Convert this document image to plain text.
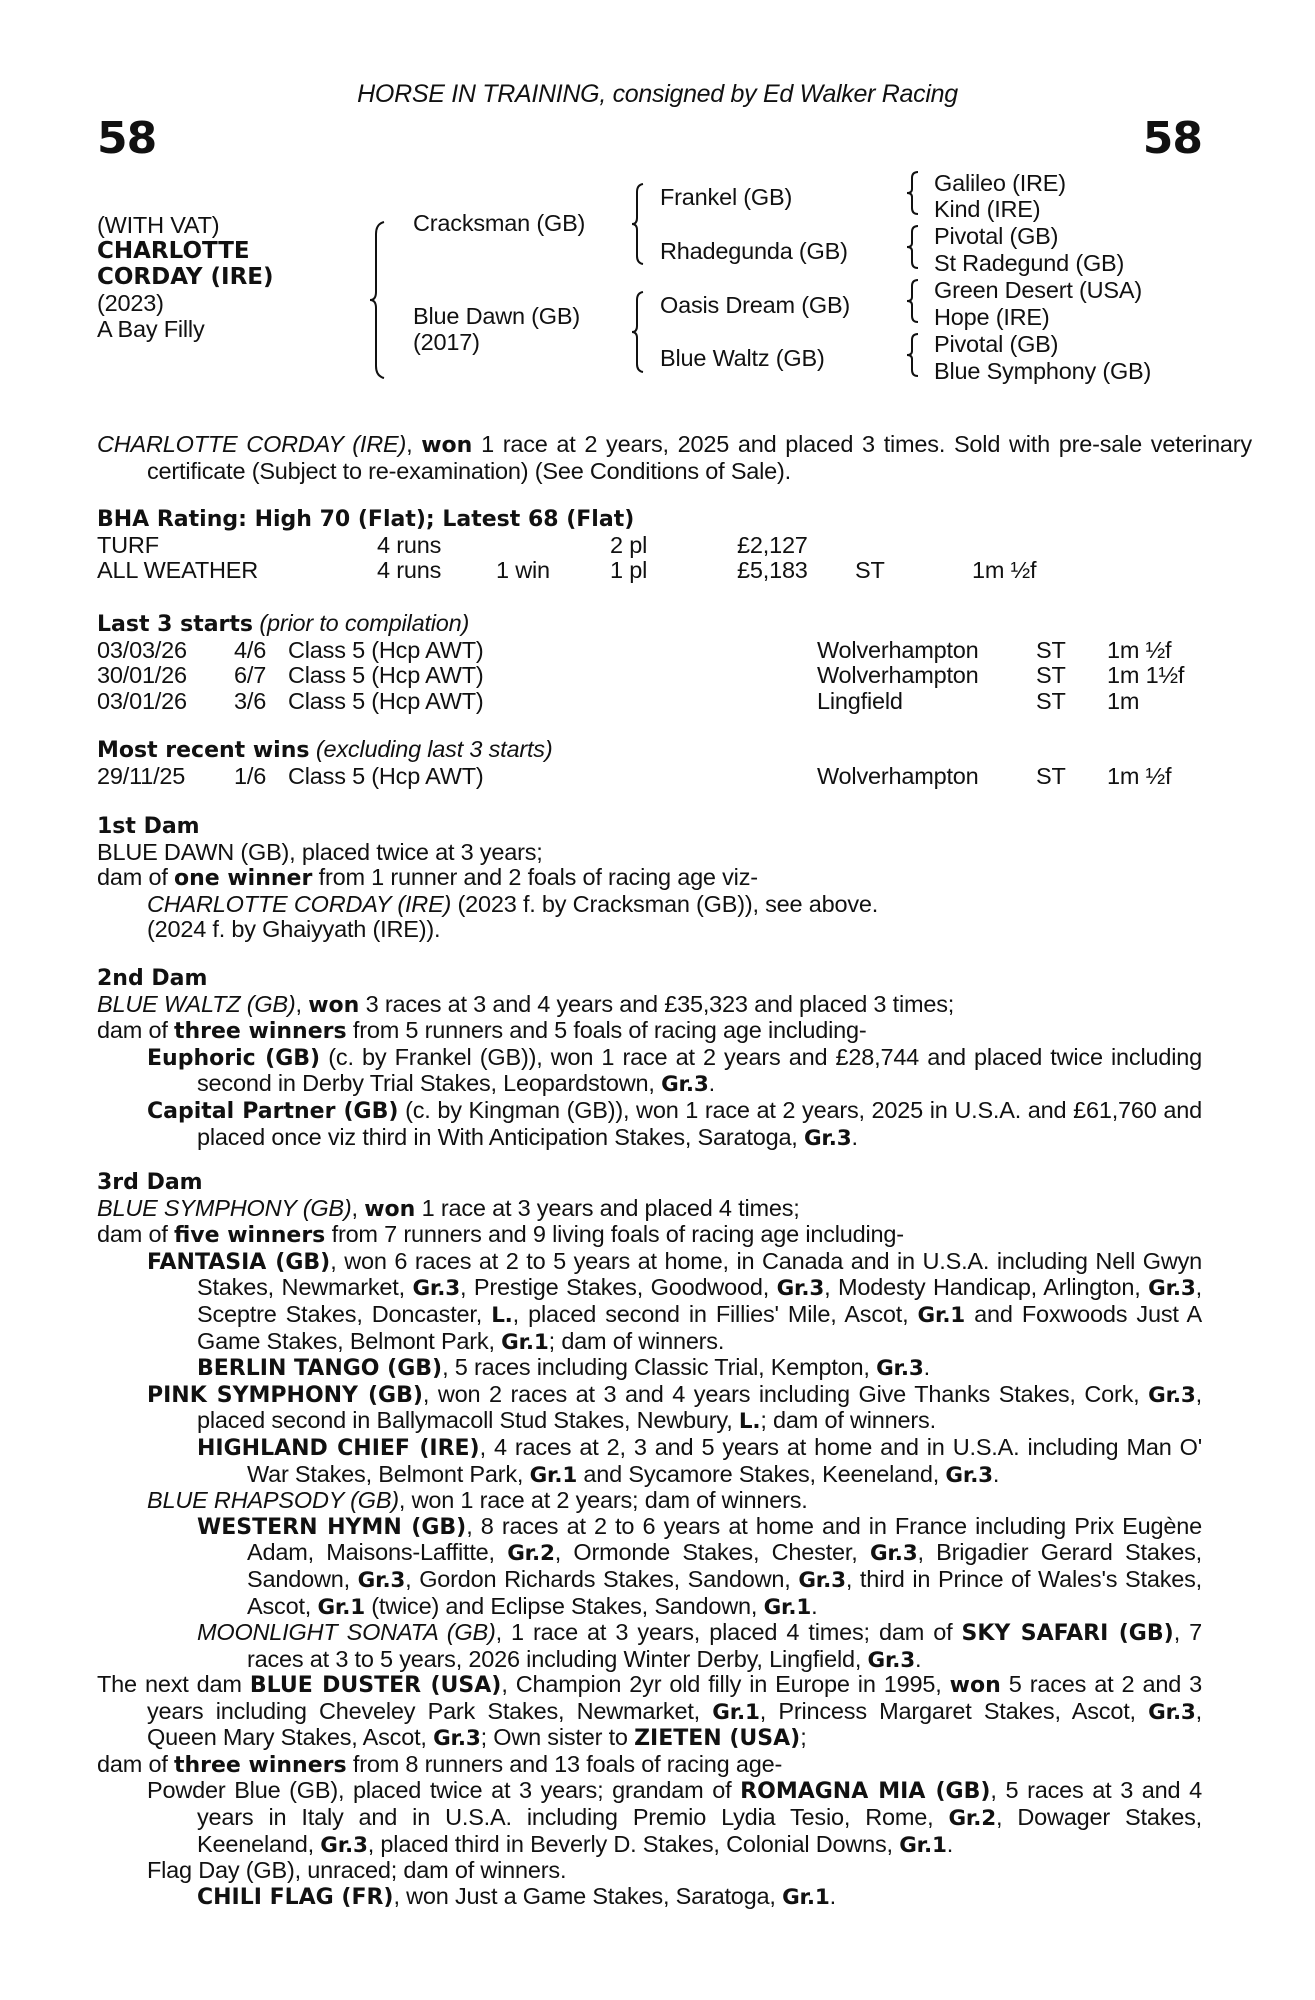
HORSE IN TRAINING, consigned by Ed Walker Racing
58	58
(WITH VAT)
CHARLOTTE
CORDAY (IRE)
(2023)
A Bay Filly
Cracksman (GB)
Blue Dawn (GB)
(2017)
Frankel (GB)
Rhadegunda (GB)
Oasis Dream (GB)
Blue Waltz (GB)
Galileo (IRE)
Kind (IRE)
Pivotal (GB)
St Radegund (GB)
Green Desert (USA)
Hope (IRE)
Pivotal (GB)
Blue Symphony (GB)
CHARLOTTE CORDAY (IRE), won 1 race at 2 years, 2025 and placed 3 times. Sold with pre-sale veterinary certificate (Subject to re-examination) (See Conditions of Sale).
BHA Rating: High 70 (Flat); Latest 68 (Flat)
TURF	4 runs	2 pl	£2,127
ALL WEATHER	4 runs 1 win	1 pl	£5,183 ST	1m ½f
Last 3 starts (prior to compilation)
03/03/26 4/6 Class 5 (Hcp AWT)	Wolverhampton ST 1m ½f
30/01/26 6/7 Class 5 (Hcp AWT)	Wolverhampton ST 1m 1½f
03/01/26 3/6 Class 5 (Hcp AWT)	Lingfield	ST 1m
Most recent wins (excluding last 3 starts)
29/11/25 1/6 Class 5 (Hcp AWT)	Wolverhampton ST 1m ½f
1st Dam
BLUE DAWN (GB), placed twice at 3 years;
dam of one winner from 1 runner and 2 foals of racing age viz-
CHARLOTTE CORDAY (IRE) (2023 f. by Cracksman (GB)), see above.
(2024 f. by Ghaiyyath (IRE)).
2nd Dam
BLUE WALTZ (GB), won 3 races at 3 and 4 years and £35,323 and placed 3 times;
dam of three winners from 5 runners and 5 foals of racing age including-
Euphoric (GB) (c. by Frankel (GB)), won 1 race at 2 years and £28,744 and placed twice including second in Derby Trial Stakes, Leopardstown, Gr.3.
Capital Partner (GB) (c. by Kingman (GB)), won 1 race at 2 years, 2025 in U.S.A. and £61,760 and placed once viz third in With Anticipation Stakes, Saratoga, Gr.3.
3rd Dam
BLUE SYMPHONY (GB), won 1 race at 3 years and placed 4 times;
dam of five winners from 7 runners and 9 living foals of racing age including-
FANTASIA (GB), won 6 races at 2 to 5 years at home, in Canada and in U.S.A. including Nell Gwyn Stakes, Newmarket, Gr.3, Prestige Stakes, Goodwood, Gr.3, Modesty Handicap, Arlington, Gr.3, Sceptre Stakes, Doncaster, L., placed second in Fillies' Mile, Ascot, Gr.1 and Foxwoods Just A Game Stakes, Belmont Park, Gr.1; dam of winners.
BERLIN TANGO (GB), 5 races including Classic Trial, Kempton, Gr.3.
PINK SYMPHONY (GB), won 2 races at 3 and 4 years including Give Thanks Stakes, Cork, Gr.3, placed second in Ballymacoll Stud Stakes, Newbury, L.; dam of winners.
HIGHLAND CHIEF (IRE), 4 races at 2, 3 and 5 years at home and in U.S.A. including Man O' War Stakes, Belmont Park, Gr.1 and Sycamore Stakes, Keeneland, Gr.3.
BLUE RHAPSODY (GB), won 1 race at 2 years; dam of winners.
WESTERN HYMN (GB), 8 races at 2 to 6 years at home and in France including Prix Eugène Adam, Maisons-Laffitte, Gr.2, Ormonde Stakes, Chester, Gr.3, Brigadier Gerard Stakes, Sandown, Gr.3, Gordon Richards Stakes, Sandown, Gr.3, third in Prince of Wales's Stakes, Ascot, Gr.1 (twice) and Eclipse Stakes, Sandown, Gr.1.
MOONLIGHT SONATA (GB), 1 race at 3 years, placed 4 times; dam of SKY SAFARI (GB), 7 races at 3 to 5 years, 2026 including Winter Derby, Lingfield, Gr.3.
The next dam BLUE DUSTER (USA), Champion 2yr old filly in Europe in 1995, won 5 races at 2 and 3 years including Cheveley Park Stakes, Newmarket, Gr.1, Princess Margaret Stakes, Ascot, Gr.3, Queen Mary Stakes, Ascot, Gr.3; Own sister to ZIETEN (USA);
dam of three winners from 8 runners and 13 foals of racing age-
Powder Blue (GB), placed twice at 3 years; grandam of ROMAGNA MIA (GB), 5 races at 3 and 4 years in Italy and in U.S.A. including Premio Lydia Tesio, Rome, Gr.2, Dowager Stakes, Keeneland, Gr.3, placed third in Beverly D. Stakes, Colonial Downs, Gr.1.
Flag Day (GB), unraced; dam of winners.
CHILI FLAG (FR), won Just a Game Stakes, Saratoga, Gr.1.
